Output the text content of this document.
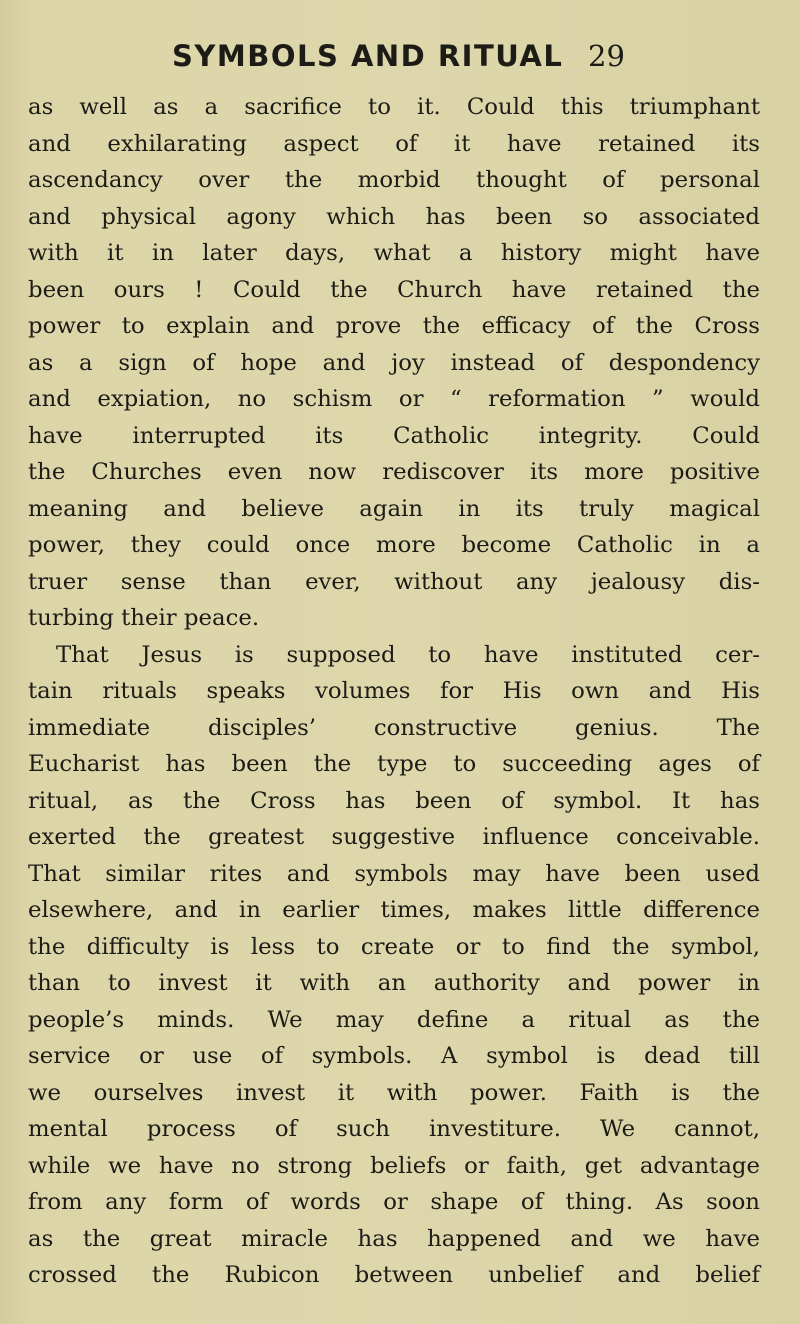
SYMBOLS AND RITUAL 29
as well as a sacrifice to it. Could this triumphant
and exhilarating aspect of it have retained its
ascendancy over the morbid thought of personal
and physical agony which has been so associated
with it in later days, what a history might have
been ours ! Could the Church have retained the
power to explain and prove the efficacy of the Cross
as a sign of hope and joy instead of despondency
and expiation, no schism or “ reformation ” would
have interrupted its Catholic integrity. Could
the Churches even now rediscover its more positive
meaning and believe again in its truly magical
power, they could once more become Catholic in a
truer sense than ever, without any jealousy dis-
turbing their peace.
That Jesus is supposed to have instituted cer-
tain rituals speaks volumes for His own and His
immediate disciples’ constructive genius. The
Eucharist has been the type to succeeding ages of
ritual, as the Cross has been of symbol. It has
exerted the greatest suggestive influence conceivable.
That similar rites and symbols may have been used
elsewhere, and in earlier times, makes little difference
the difficulty is less to create or to find the symbol,
than to invest it with an authority and power in
people’s minds. We may define a ritual as the
service or use of symbols. A symbol is dead till
we ourselves invest it with power. Faith is the
mental process of such investiture. We cannot,
while we have no strong beliefs or faith, get advantage
from any form of words or shape of thing. As soon
as the great miracle has happened and we have
crossed the Rubicon between unbelief and belief
